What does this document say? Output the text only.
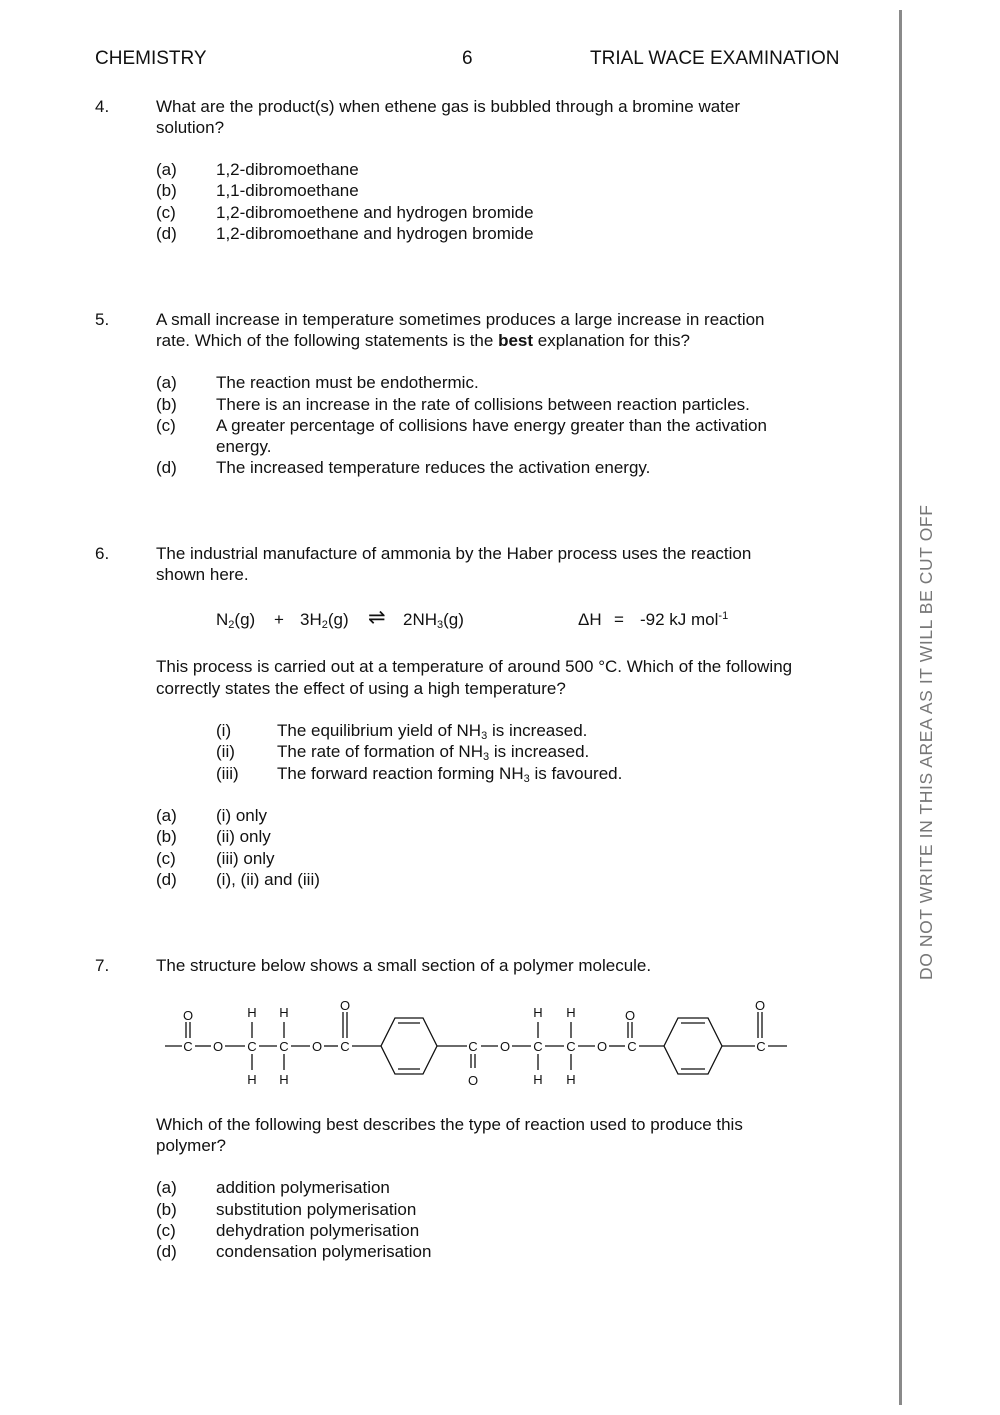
CHEMISTRY	6	TRIAL WACE EXAMINATION
DO NOT WRITE IN THIS AREA AS IT WILL BE CUT OFF
4.	What are the product(s) when ethene gas is bubbled through a bromine water
solution?
(a) 1,2-dibromoethane
(b) 1,1-dibromoethane
(c) 1,2-dibromoethene and hydrogen bromide
(d) 1,2-dibromoethane and hydrogen bromide
5.	A small increase in temperature sometimes produces a large increase in reaction
rate. Which of the following statements is the best explanation for this?
(a) The reaction must be endothermic.
(b) There is an increase in the rate of collisions between reaction particles.
(c) A greater percentage of collisions have energy greater than the activation
energy.
(d) The increased temperature reduces the activation energy.
6.	The industrial manufacture of ammonia by the Haber process uses the reaction
shown here.
$N_2(g) + 3H_2(g)$ ⇌ $2NH_3(g)$	ΔH = -92 kJ mol$^{-1}$
This process is carried out at a temperature of around 500 °C. Which of the following
correctly states the effect of using a high temperature?
(i)	The equilibrium yield of $NH_3$ is increased.
(ii) The rate of formation of $NH_3$ is increased.
(iii) The forward reaction forming $NH_3$ is favoured.
(a) (i) only
(b) (ii) only
(c) (iii) only
(d) (i), (ii) and (iii)
7.	The structure below shows a small section of a polymer molecule.
C O C C O C	C O C C O C	C
O
O
O
O
O
H H
H H
H H
H H
Which of the following best describes the type of reaction used to produce this
polymer?
(a) addition polymerisation
(b) substitution polymerisation
(c) dehydration polymerisation
(d) condensation polymerisation
